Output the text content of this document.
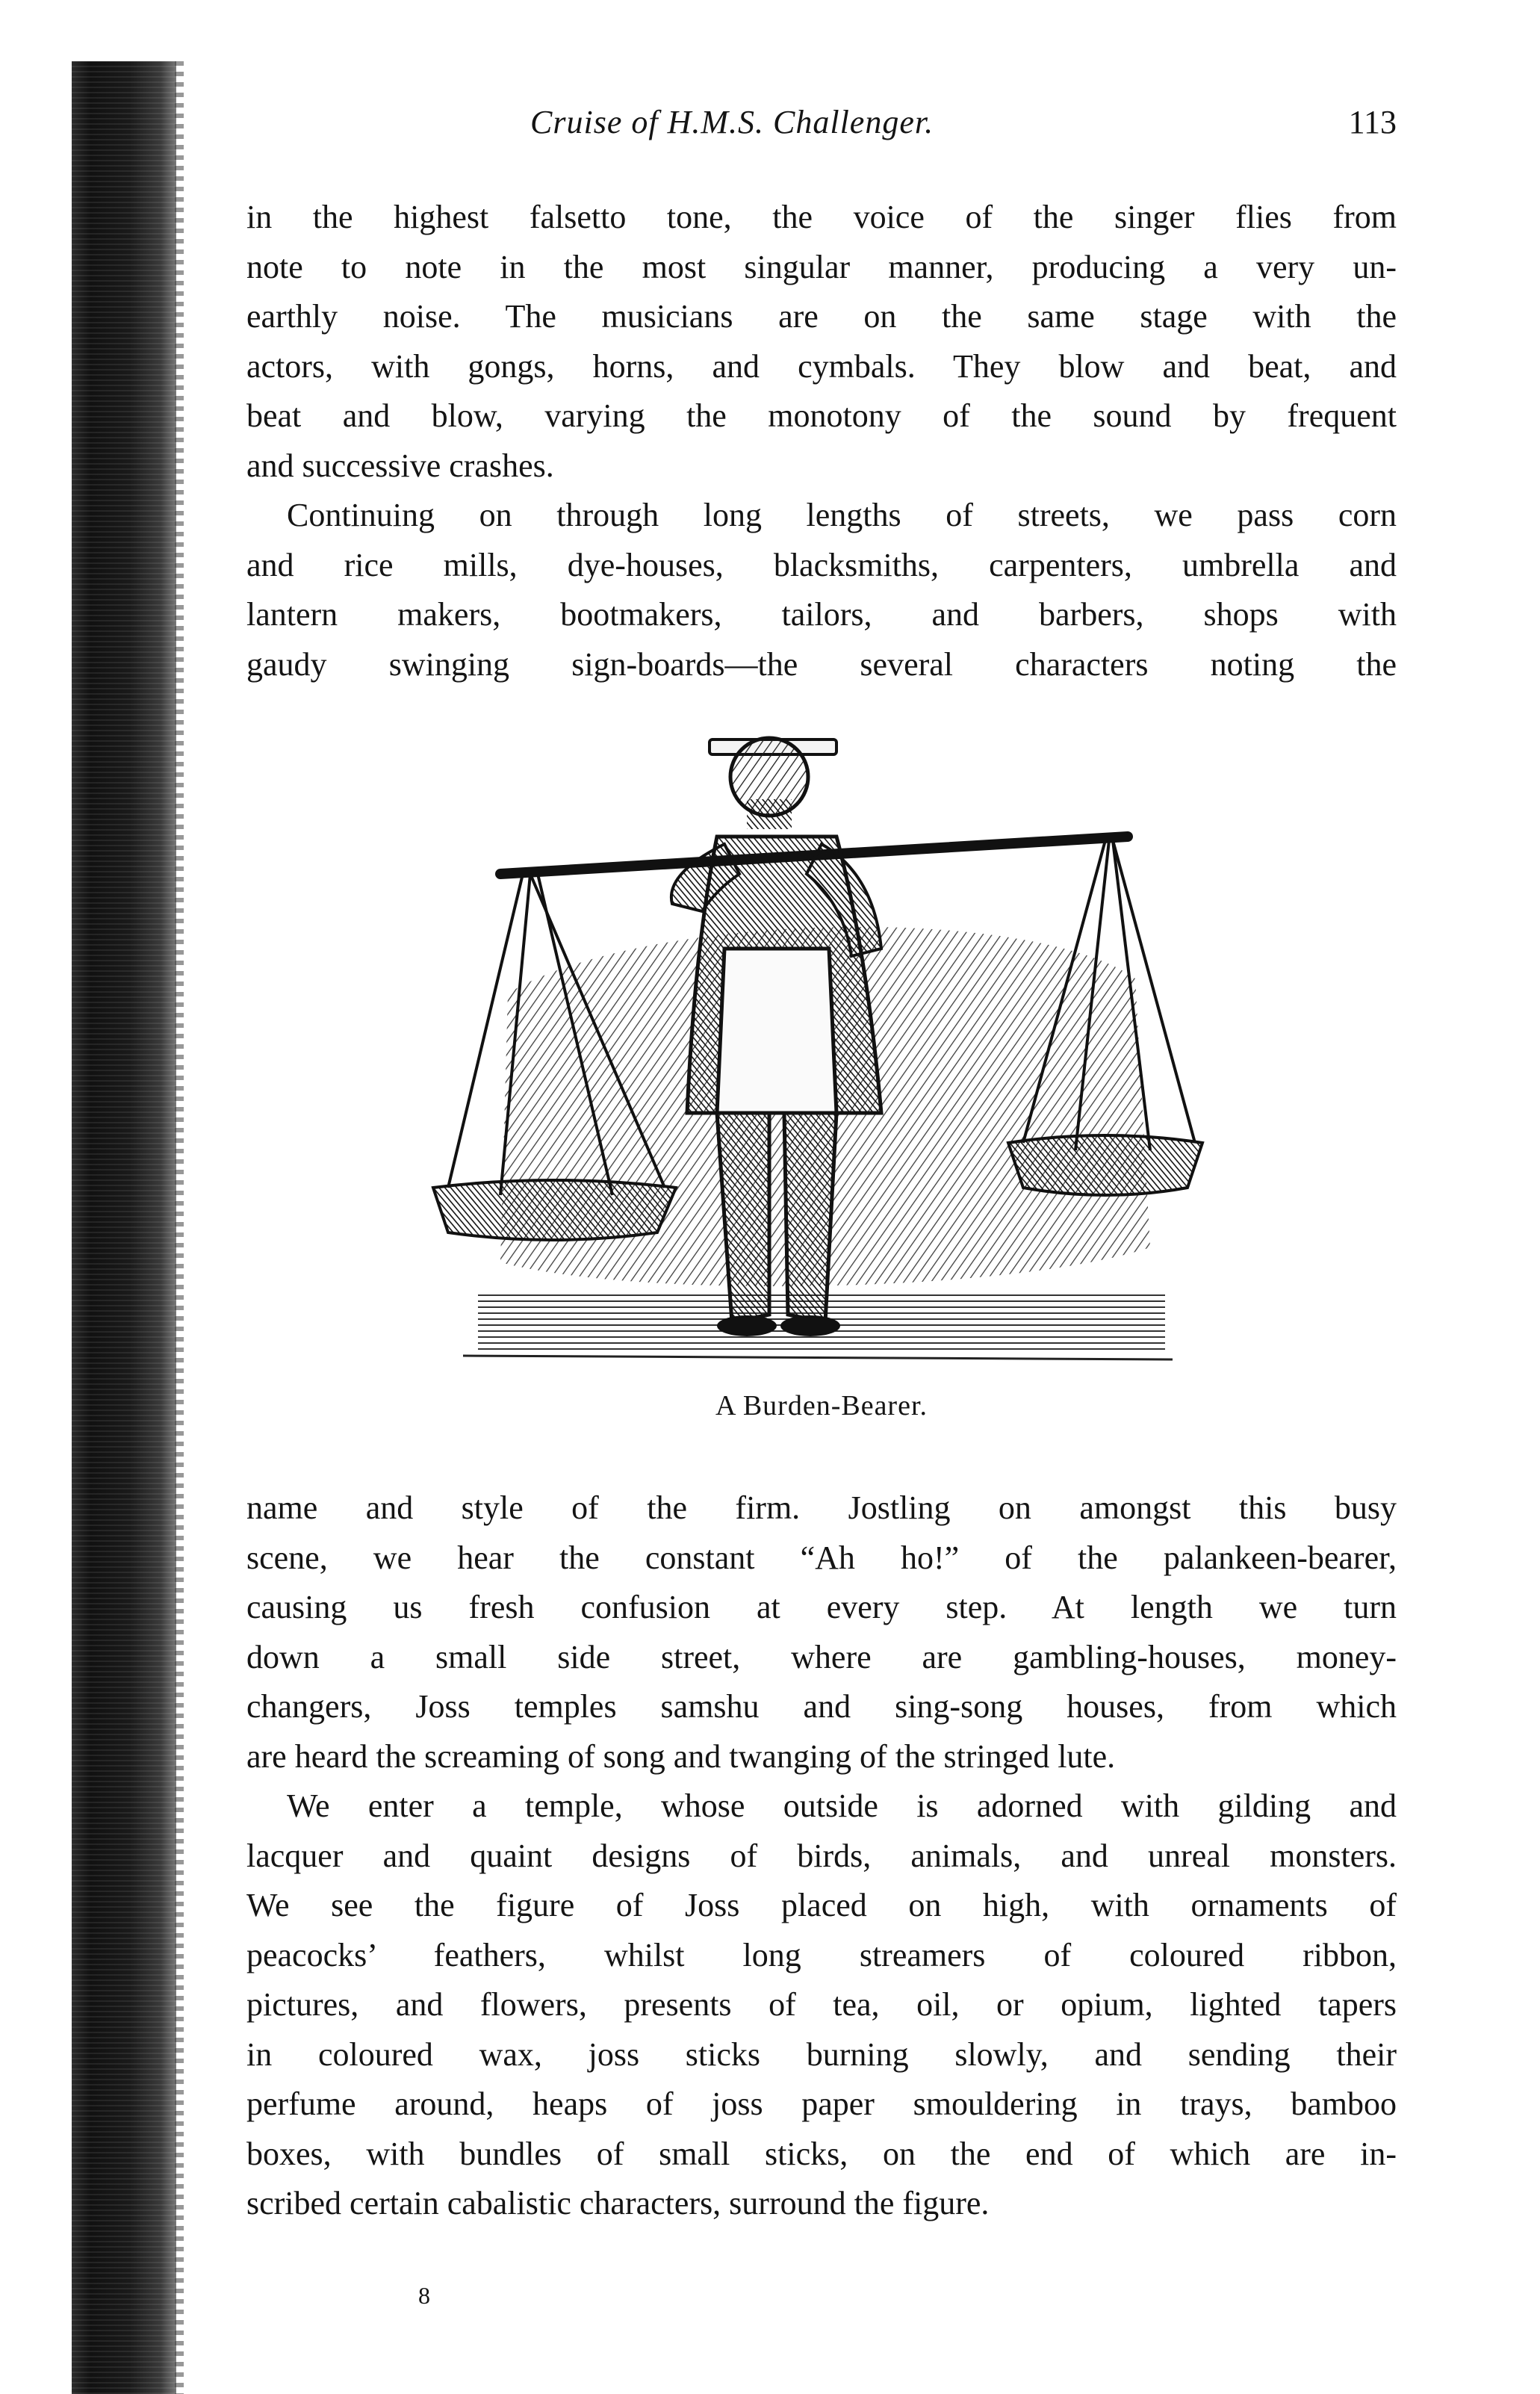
Cruise of H.M.S. Challenger.	113
in the highest falsetto tone, the voice of the singer flies from
note to note in the most singular manner, producing a very un-
earthly noise. The musicians are on the same stage with the
actors, with gongs, horns, and cymbals. They blow and beat, and
beat and blow, varying the monotony of the sound by frequent
and successive crashes.
Continuing on through long lengths of streets, we pass corn
and rice mills, dye-houses, blacksmiths, carpenters, umbrella and
lantern makers, bootmakers, tailors, and barbers, shops with
gaudy swinging sign-boards—the several characters noting the
A Burden-Bearer.
name and style of the firm. Jostling on amongst this busy
scene, we hear the constant “Ah ho!” of the palankeen-bearer,
causing us fresh confusion at every step. At length we turn
down a small side street, where are gambling-houses, money-
changers, Joss temples samshu and sing-song houses, from which
are heard the screaming of song and twanging of the stringed lute.
We enter a temple, whose outside is adorned with gilding and
lacquer and quaint designs of birds, animals, and unreal monsters.
We see the figure of Joss placed on high, with ornaments of
peacocks’ feathers, whilst long streamers of coloured ribbon,
pictures, and flowers, presents of tea, oil, or opium, lighted tapers
in coloured wax, joss sticks burning slowly, and sending their
perfume around, heaps of joss paper smouldering in trays, bamboo
boxes, with bundles of small sticks, on the end of which are in-
scribed certain cabalistic characters, surround the figure.
8
